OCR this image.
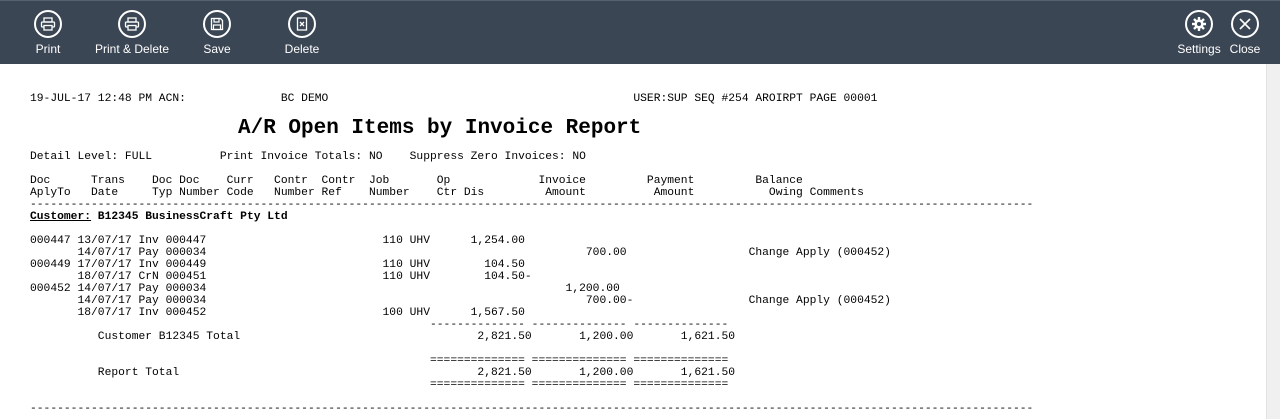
Print	Print & Delete	Save	Delete	Settings Close
19-JUL-17 12:48 PM ACN:              BC DEMO                                             USER:SUP SEQ #254 AROIRPT PAGE 00001
A/R Open Items by Invoice Report
Detail Level: FULL          Print Invoice Totals: NO    Suppress Zero Invoices: NO
Doc      Trans    Doc Doc    Curr   Contr  Contr  Job       Op             Invoice         Payment         Balance
AplyTo   Date     Typ Number Code   Number Ref    Number    Ctr Dis         Amount          Amount           Owing Comments
----------------------------------------------------------------------------------------------------------------------------------------------------
Customer: B12345 BusinessCraft Pty Ltd
000447 13/07/17 Inv 000447                          110 UHV      1,254.00
14/07/17 Pay 000034                                                        700.00                  Change Apply (000452)
000449 17/07/17 Inv 000449                          110 UHV        104.50
18/07/17 CrN 000451                          110 UHV        104.50-
000452 14/07/17 Pay 000034                                                     1,200.00
14/07/17 Pay 000034                                                        700.00-                 Change Apply (000452)
18/07/17 Inv 000452                          100 UHV      1,567.50
-------------- -------------- --------------
Customer B12345 Total                                   2,821.50       1,200.00       1,621.50
============== ============== ==============
Report Total                                            2,821.50       1,200.00       1,621.50
============== ============== ==============
----------------------------------------------------------------------------------------------------------------------------------------------------
